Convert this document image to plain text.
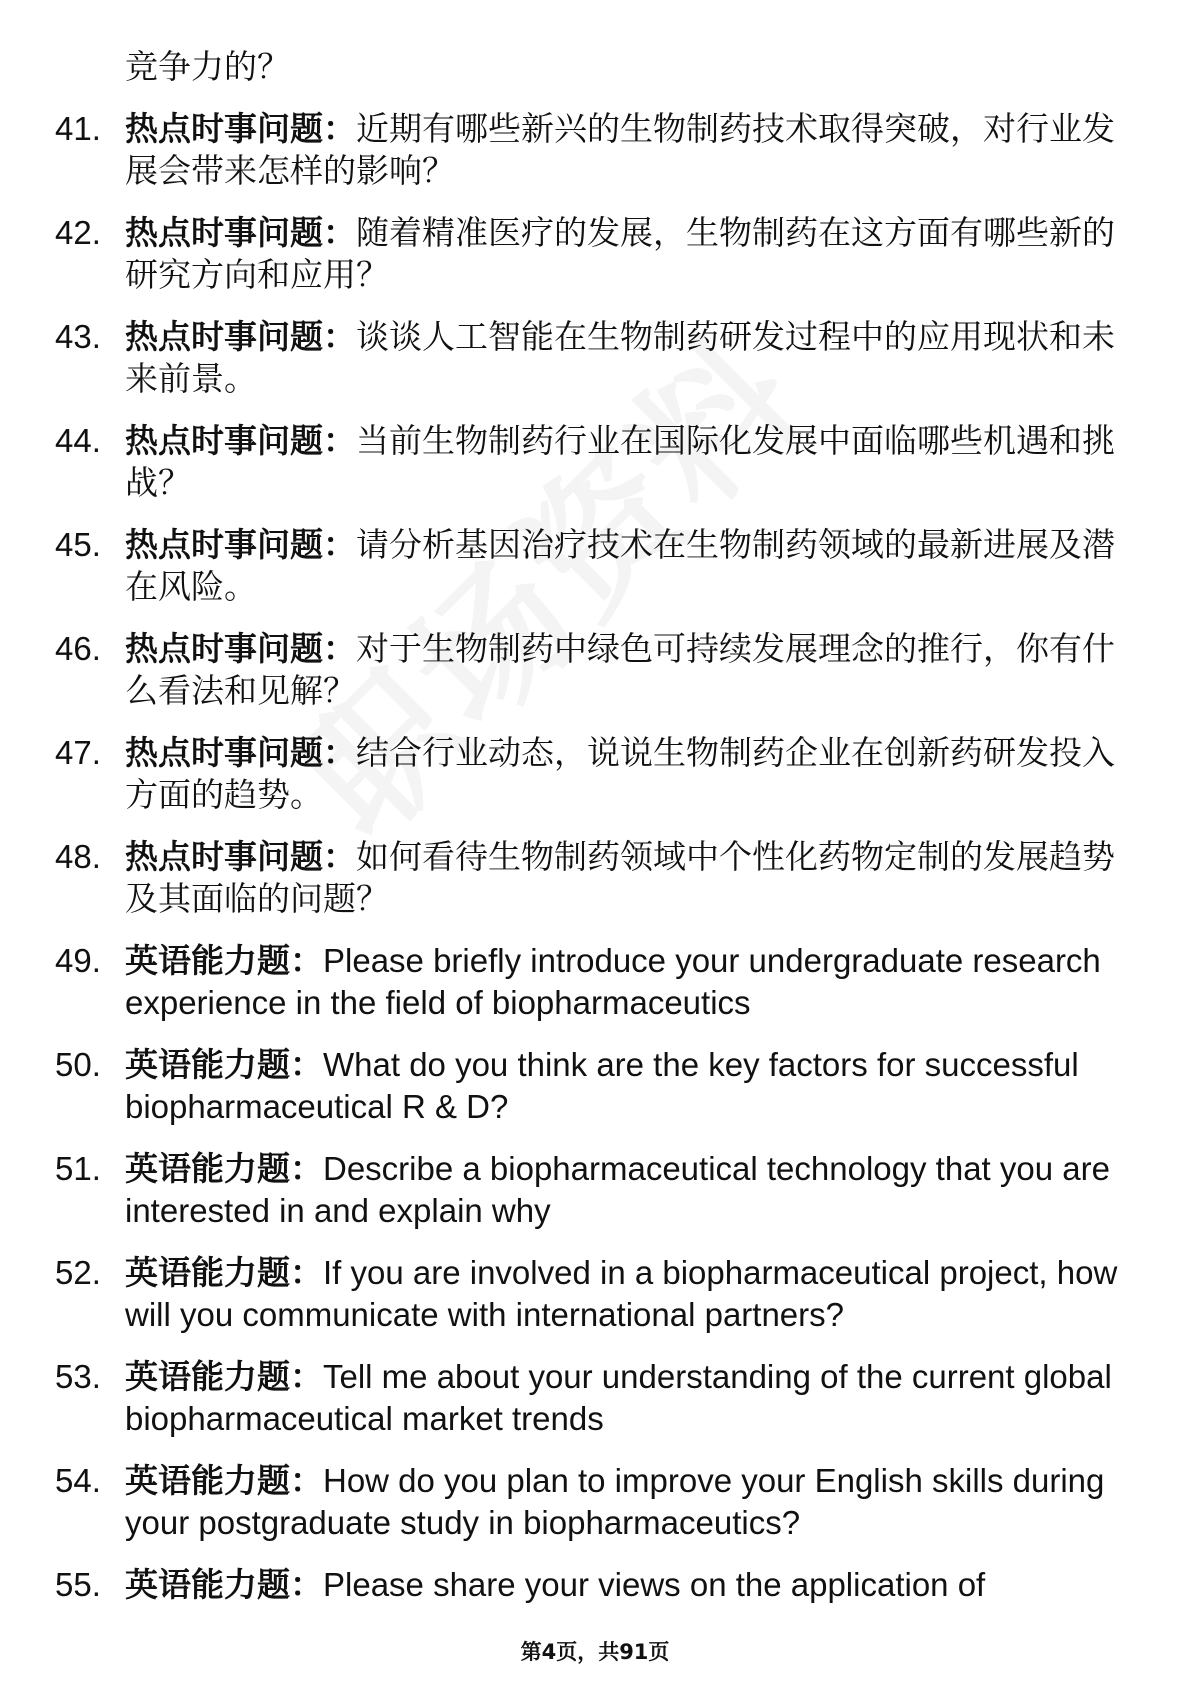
竞争力的？
41. 热点时事问题：近期有哪些新兴的生物制药技术取得突破，对行业发展会带来怎样的影响？
42. 热点时事问题：随着精准医疗的发展，生物制药在这方面有哪些新的研究方向和应用？
43. 热点时事问题：谈谈人工智能在生物制药研发过程中的应用现状和未来前景。
44. 热点时事问题：当前生物制药行业在国际化发展中面临哪些机遇和挑战？
45. 热点时事问题：请分析基因治疗技术在生物制药领域的最新进展及潜在风险。
46. 热点时事问题：对于生物制药中绿色可持续发展理念的推行，你有什么看法和见解？
47. 热点时事问题：结合行业动态，说说生物制药企业在创新药研发投入方面的趋势。
48. 热点时事问题：如何看待生物制药领域中个性化药物定制的发展趋势及其面临的问题？
49. 英语能力题：Please briefly introduce your undergraduate research experience in the field of biopharmaceutics
50. 英语能力题：What do you think are the key factors for successful biopharmaceutical R & D?
51. 英语能力题：Describe a biopharmaceutical technology that you are interested in and explain why
52. 英语能力题：If you are involved in a biopharmaceutical project, how will you communicate with international partners?
53. 英语能力题：Tell me about your understanding of the current global biopharmaceutical market trends
54. 英语能力题：How do you plan to improve your English skills during your postgraduate study in biopharmaceutics?
55. 英语能力题：Please share your views on the application of
第4页，共91页
